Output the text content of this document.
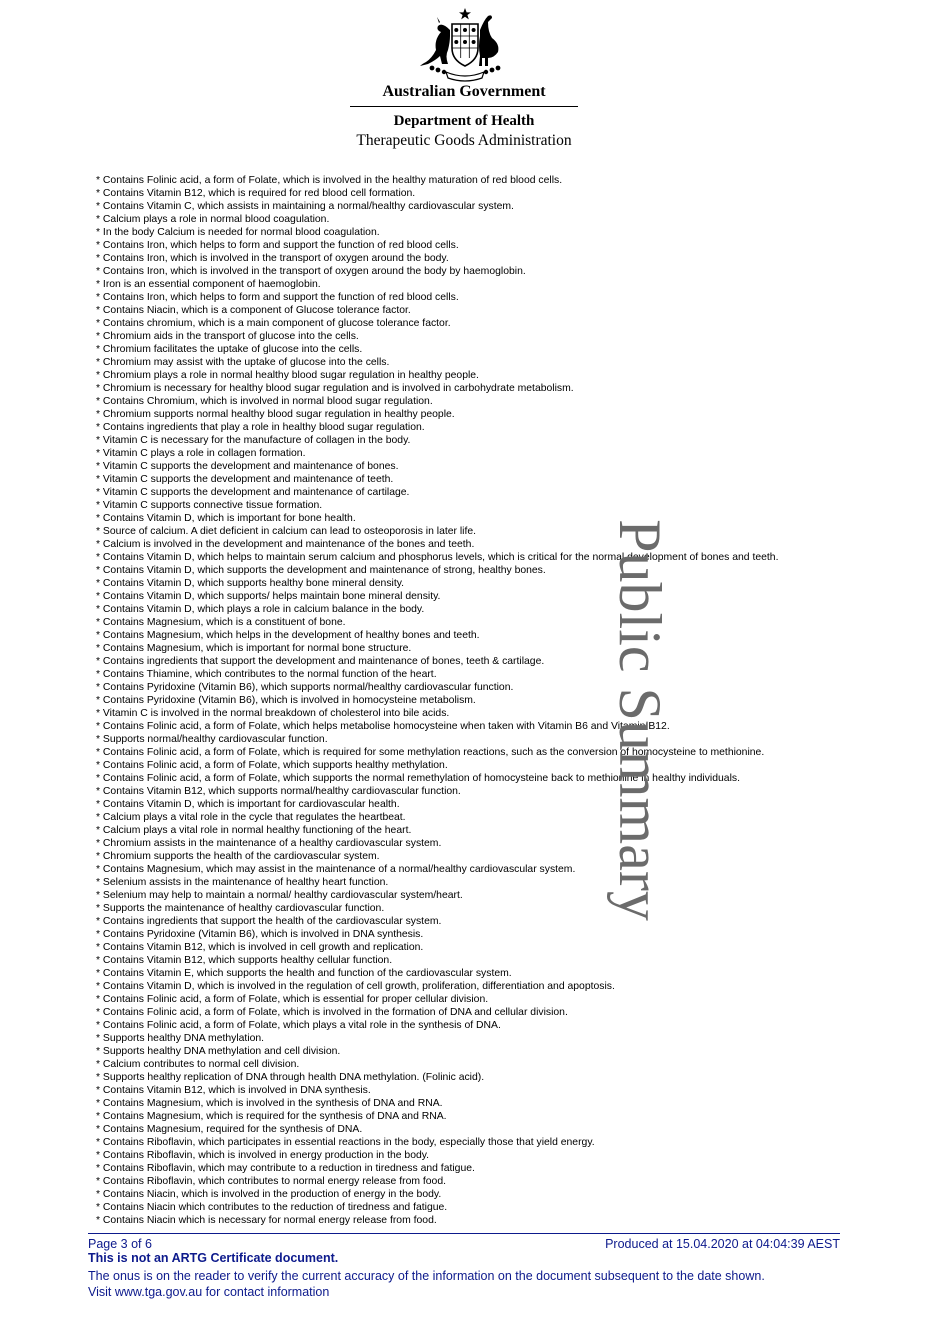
Australian Government
Department of Health
Therapeutic Goods Administration
* Contains Folinic acid, a form of Folate, which is involved in the healthy maturation of red blood cells.
* Contains Vitamin B12, which is required for red blood cell formation.
* Contains Vitamin C, which assists in maintaining a normal/healthy cardiovascular system.
* Calcium plays a role in normal blood coagulation.
* In the body Calcium is needed for normal blood coagulation.
* Contains Iron, which helps to form and support the function of red blood cells.
* Contains Iron, which is involved in the transport of oxygen around the body.
* Contains Iron, which is involved in the transport of oxygen around the body by haemoglobin.
* Iron is an essential component of haemoglobin.
* Contains Iron, which helps to form and support the function of red blood cells.
* Contains Niacin, which is a component of Glucose tolerance factor.
* Contains chromium, which is a main component of glucose tolerance factor.
* Chromium aids in the transport of glucose into the cells.
* Chromium facilitates the uptake of glucose into the cells.
* Chromium may assist with the uptake of glucose into the cells.
* Chromium plays a role in normal healthy blood sugar regulation in healthy people.
* Chromium is necessary for healthy blood sugar regulation and is involved in carbohydrate metabolism.
* Contains Chromium, which is involved in normal blood sugar regulation.
* Chromium supports normal healthy blood sugar regulation in healthy people.
* Contains ingredients that play a role in healthy blood sugar regulation.
* Vitamin C is necessary for the manufacture of collagen in the body.
* Vitamin C plays a role in collagen formation.
* Vitamin C supports the development and maintenance of bones.
* Vitamin C supports the development and maintenance of teeth.
* Vitamin C supports the development and maintenance of cartilage.
* Vitamin C supports connective tissue formation.
* Contains Vitamin D, which is important for bone health.
* Source of calcium. A diet deficient in calcium can lead to osteoporosis in later life.
* Calcium is involved in the development and maintenance of the bones and teeth.
* Contains Vitamin D, which helps to maintain serum calcium and phosphorus levels, which is critical for the normal development of bones and teeth.
* Contains Vitamin D, which supports the development and maintenance of strong, healthy bones.
* Contains Vitamin D, which supports healthy bone mineral density.
* Contains Vitamin D, which supports/ helps maintain bone mineral density.
* Contains Vitamin D, which plays a role in calcium balance in the body.
* Contains Magnesium, which is a constituent of bone.
* Contains Magnesium, which helps in the development of healthy bones and teeth.
* Contains Magnesium, which is important for normal bone structure.
* Contains ingredients that support the development and maintenance of bones, teeth & cartilage.
* Contains Thiamine, which contributes to the normal function of the heart.
* Contains Pyridoxine (Vitamin B6), which supports normal/healthy cardiovascular function.
* Contains Pyridoxine (Vitamin B6), which is involved in homocysteine metabolism.
* Vitamin C is involved in the normal breakdown of cholesterol into bile acids.
* Contains Folinic acid, a form of Folate, which helps metabolise homocysteine when taken with Vitamin B6 and Vitamin B12.
* Supports normal/healthy cardiovascular function.
* Contains Folinic acid, a form of Folate, which is required for some methylation reactions, such as the conversion of homocysteine to methionine.
* Contains Folinic acid, a form of Folate, which supports healthy methylation.
* Contains Folinic acid, a form of Folate, which supports the normal remethylation of homocysteine back to methionine in healthy individuals.
* Contains Vitamin B12, which supports normal/healthy cardiovascular function.
* Contains Vitamin D, which is important for cardiovascular health.
* Calcium plays a vital role in the cycle that regulates the heartbeat.
* Calcium plays a vital role in normal healthy functioning of the heart.
* Chromium assists in the maintenance of a healthy cardiovascular system.
* Chromium supports the health of the cardiovascular system.
* Contains Magnesium, which may assist in the maintenance of a normal/healthy cardiovascular system.
* Selenium assists in the maintenance of healthy heart function.
* Selenium may help to maintain a normal/ healthy cardiovascular system/heart.
* Supports the maintenance of healthy cardiovascular function.
* Contains ingredients that support the health of the cardiovascular system.
* Contains Pyridoxine (Vitamin B6), which is involved in DNA synthesis.
* Contains Vitamin B12, which is involved in cell growth and replication.
* Contains Vitamin B12, which supports healthy cellular function.
* Contains Vitamin E, which supports the health and function of the cardiovascular system.
* Contains Vitamin D, which is involved in the regulation of cell growth, proliferation, differentiation and apoptosis.
* Contains Folinic acid, a form of Folate, which is essential for proper cellular division.
* Contains Folinic acid, a form of Folate, which is involved in the formation of DNA and cellular division.
* Contains Folinic acid, a form of Folate, which plays a vital role in the synthesis of DNA.
* Supports healthy DNA methylation.
* Supports healthy DNA methylation and cell division.
* Calcium contributes to normal cell division.
* Supports healthy replication of DNA through health DNA methylation. (Folinic acid).
* Contains Vitamin B12, which is involved in DNA synthesis.
* Contains Magnesium, which is involved in the synthesis of DNA and RNA.
* Contains Magnesium, which is required for the synthesis of DNA and RNA.
* Contains Magnesium, required for the synthesis of DNA.
* Contains Riboflavin, which participates in essential reactions in the body, especially those that yield energy.
* Contains Riboflavin, which is involved in energy production in the body.
* Contains Riboflavin, which may contribute to a reduction in tiredness and fatigue.
* Contains Riboflavin, which contributes to normal energy release from food.
* Contains Niacin, which is involved in the production of energy in the body.
* Contains Niacin which contributes to the reduction of tiredness and fatigue.
* Contains Niacin which is necessary for normal energy release from food.
Public Summary
Page 3 of 6	Produced at 15.04.2020 at 04:04:39 AEST
This is not an ARTG Certificate document.
The onus is on the reader to verify the current accuracy of the information on the document subsequent to the date shown.
Visit www.tga.gov.au for contact information
